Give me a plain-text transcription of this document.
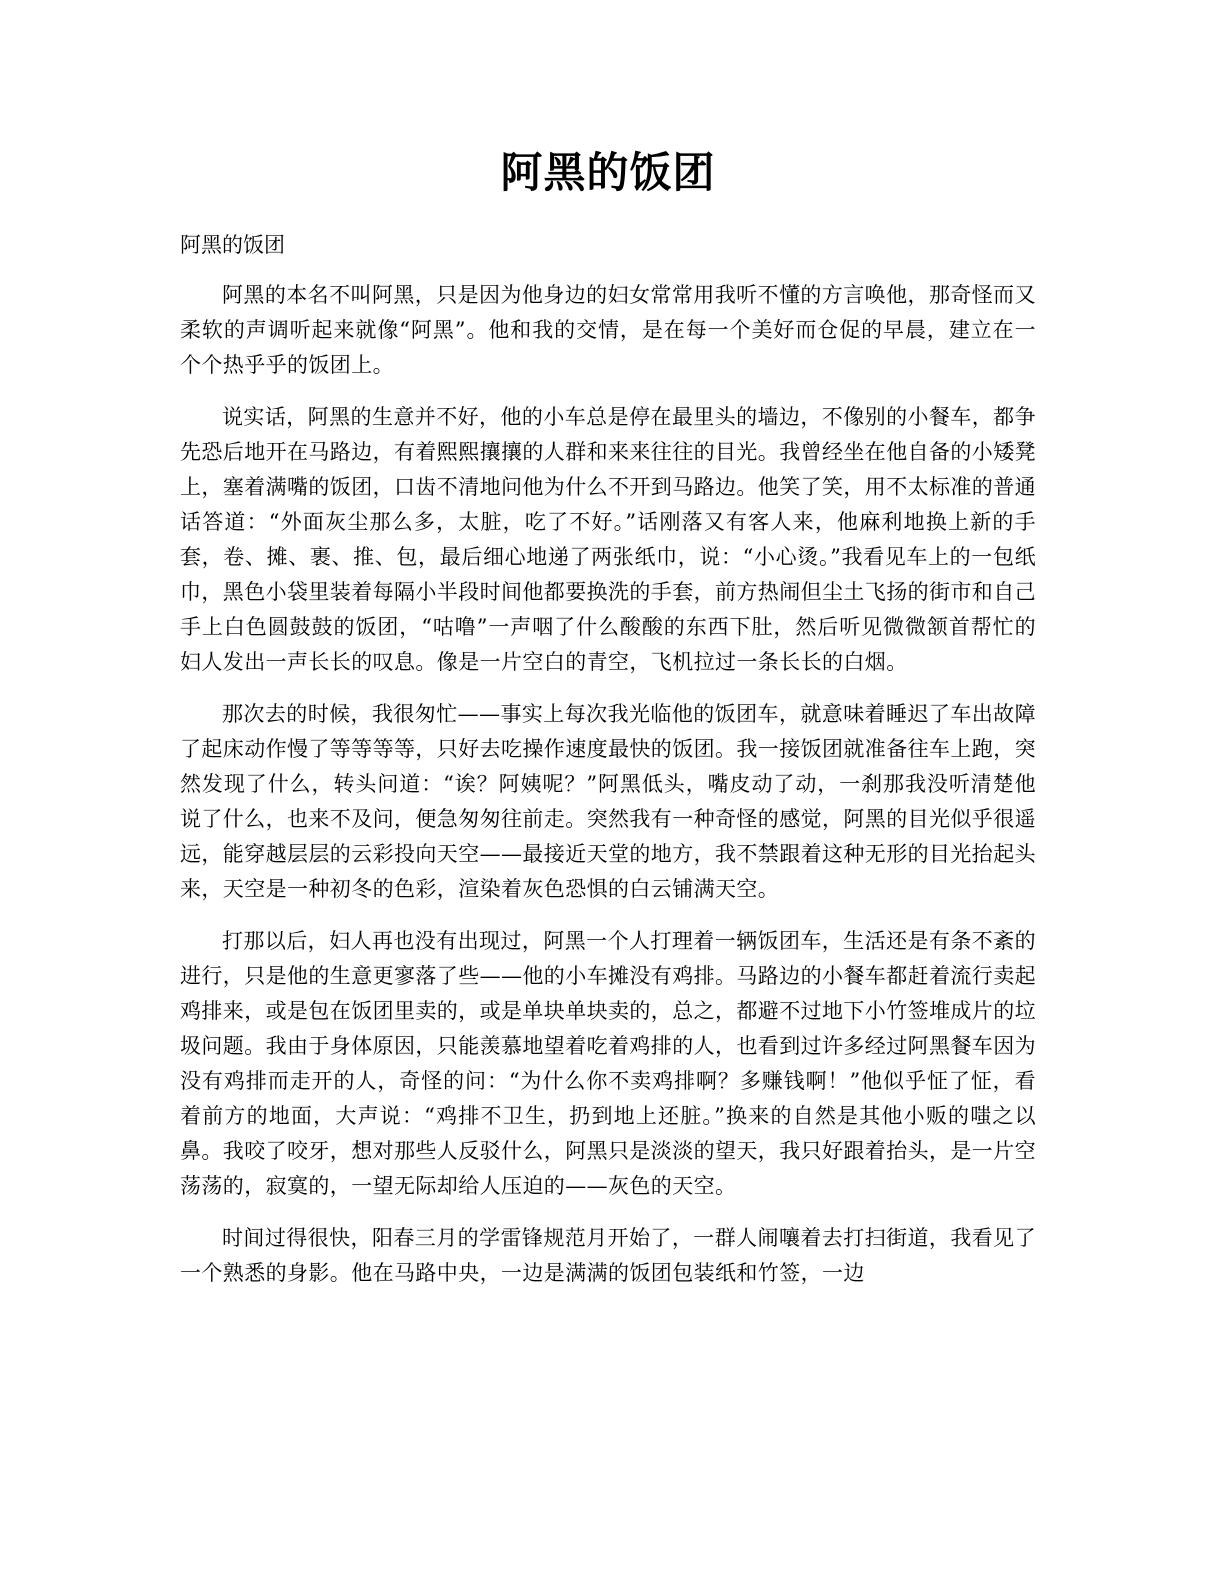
阿黑的饭团

阿黑的饭团

阿黑的本名不叫阿黑，只是因为他身边的妇女常常用我听不懂的方言唤他，那奇怪而又柔软的声调听起来就像“阿黑”。他和我的交情，是在每一个美好而仓促的早晨，建立在一个个热乎乎的饭团上。

说实话，阿黑的生意并不好，他的小车总是停在最里头的墙边，不像别的小餐车，都争先恐后地开在马路边，有着熙熙攘攘的人群和来来往往的目光。我曾经坐在他自备的小矮凳上，塞着满嘴的饭团，口齿不清地问他为什么不开到马路边。他笑了笑，用不太标准的普通话答道：“外面灰尘那么多，太脏，吃了不好。”话刚落又有客人来，他麻利地换上新的手套，卷、摊、裹、推、包，最后细心地递了两张纸巾，说：“小心烫。”我看见车上的一包纸巾，黑色小袋里装着每隔小半段时间他都要换洗的手套，前方热闹但尘土飞扬的街市和自己手上白色圆鼓鼓的饭团，“咕噜”一声咽了什么酸酸的东西下肚，然后听见微微颔首帮忙的妇人发出一声长长的叹息。像是一片空白的青空，飞机拉过一条长长的白烟。

那次去的时候，我很匆忙——事实上每次我光临他的饭团车，就意味着睡迟了车出故障了起床动作慢了等等等等，只好去吃操作速度最快的饭团。我一接饭团就准备往车上跑，突然发现了什么，转头问道：“诶？阿姨呢？”阿黑低头，嘴皮动了动，一刹那我没听清楚他说了什么，也来不及问，便急匆匆往前走。突然我有一种奇怪的感觉，阿黑的目光似乎很遥远，能穿越层层的云彩投向天空——最接近天堂的地方，我不禁跟着这种无形的目光抬起头来，天空是一种初冬的色彩，渲染着灰色恐惧的白云铺满天空。

打那以后，妇人再也没有出现过，阿黑一个人打理着一辆饭团车，生活还是有条不紊的进行，只是他的生意更寥落了些——他的小车摊没有鸡排。马路边的小餐车都赶着流行卖起鸡排来，或是包在饭团里卖的，或是单块单块卖的，总之，都避不过地下小竹签堆成片的垃圾问题。我由于身体原因，只能羡慕地望着吃着鸡排的人，也看到过许多经过阿黑餐车因为没有鸡排而走开的人，奇怪的问：“为什么你不卖鸡排啊？多赚钱啊！”他似乎怔了怔，看着前方的地面，大声说：“鸡排不卫生，扔到地上还脏。”换来的自然是其他小贩的嗤之以鼻。我咬了咬牙，想对那些人反驳什么，阿黑只是淡淡的望天，我只好跟着抬头，是一片空荡荡的，寂寞的，一望无际却给人压迫的——灰色的天空。

时间过得很快，阳春三月的学雷锋规范月开始了，一群人闹嚷着去打扫街道，我看见了一个熟悉的身影。他在马路中央，一边是满满的饭团包装纸和竹签，一边
